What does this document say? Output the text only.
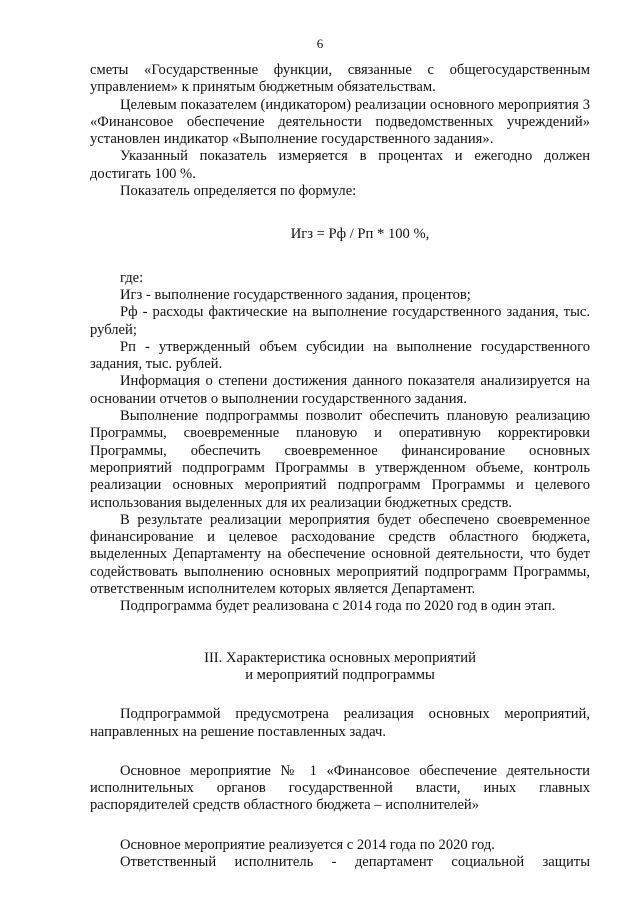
6

сметы «Государственные функции, связанные с общегосударственным управлением» к принятым бюджетным обязательствам.

Целевым показателем (индикатором) реализации основного мероприятия 3 «Финансовое обеспечение деятельности подведомственных учреждений» установлен индикатор «Выполнение государственного задания».

Указанный показатель измеряется в процентах и ежегодно должен достигать 100 %.

Показатель определяется по формуле:

Игз = Рф / Рп * 100 %,

где:

Игз - выполнение государственного задания, процентов;

Рф - расходы фактические на выполнение государственного задания, тыс. рублей;

Рп - утвержденный объем субсидии на выполнение государственного задания, тыс. рублей.

Информация о степени достижения данного показателя анализируется на основании отчетов о выполнении государственного задания.

Выполнение подпрограммы позволит обеспечить плановую реализацию Программы, своевременные плановую и оперативную корректировки Программы, обеспечить своевременное финансирование основных мероприятий подпрограмм Программы в утвержденном объеме, контроль реализации основных мероприятий подпрограмм Программы и целевого использования выделенных для их реализации бюджетных средств.

В результате реализации мероприятия будет обеспечено своевременное финансирование и целевое расходование средств областного бюджета, выделенных Департаменту на обеспечение основной деятельности, что будет содействовать выполнению основных мероприятий подпрограмм Программы, ответственным исполнителем которых является Департамент.

Подпрограмма будет реализована с 2014 года по 2020 год в один этап.

III. Характеристика основных мероприятий

и мероприятий подпрограммы

Подпрограммой предусмотрена реализация основных мероприятий, направленных на решение поставленных задач.

Основное мероприятие № 1 «Финансовое обеспечение деятельности исполнительных органов государственной власти, иных главных распорядителей средств областного бюджета – исполнителей»

Основное мероприятие реализуется с 2014 года по 2020 год.

Ответственный исполнитель - департамент социальной защиты
